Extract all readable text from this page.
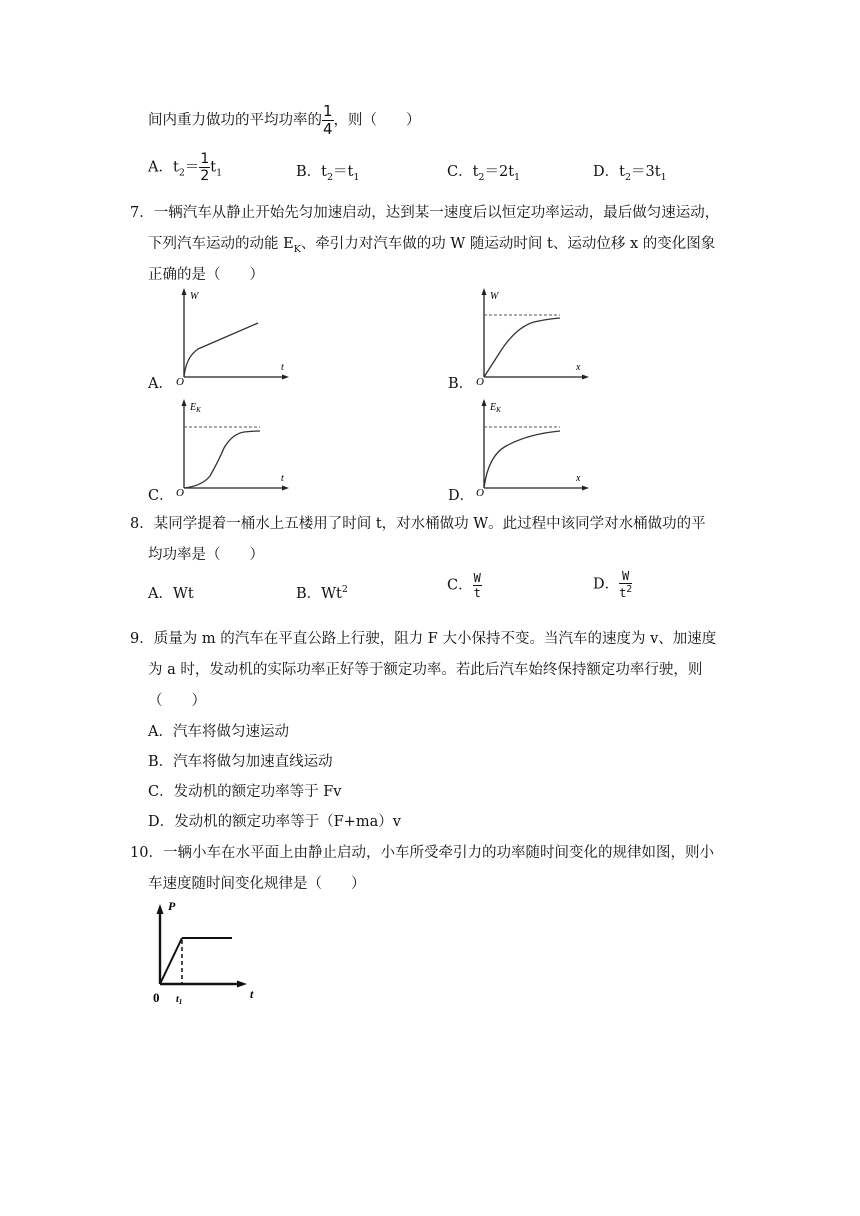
间内重力做功的平均功率的 $\frac{1}{4}$ ，则（　　）
A．$t_2= \frac{1}{2} t_1$	B．$t_2=t_1$	C．$t_2=2t_1$	D．$t_2=3t_1$
7．一辆汽车从静止开始先匀加速启动，达到某一速度后以恒定功率运动，最后做匀速运动，
下列汽车运动的动能 $E_K$、牵引力对汽车做的功 W 随运动时间 t、运动位移 x 的变化图象
正确的是（　　）
A．
W
t
O	B．
W
x
O
C．
$E_K$
t
O	D．
$E_K$
x
O
8．某同学提着一桶水上五楼用了时间 t，对水桶做功 W。此过程中该同学对水桶做功的平
均功率是（　　）
A．Wt	B．Wt$^2$	C． $\frac{W}{t}$	D． $\frac{W}{t^2}$
9．质量为 m 的汽车在平直公路上行驶，阻力 F 大小保持不变。当汽车的速度为 v、加速度
为 a 时，发动机的实际功率正好等于额定功率。若此后汽车始终保持额定功率行驶，则
（　　）
A．汽车将做匀速运动
B．汽车将做匀加速直线运动
C．发动机的额定功率等于 Fv
D．发动机的额定功率等于（F+ma）v
10．一辆小车在水平面上由静止启动，小车所受牵引力的功率随时间变化的规律如图，则小
车速度随时间变化规律是（　　）
P
t
0 $t_1$
